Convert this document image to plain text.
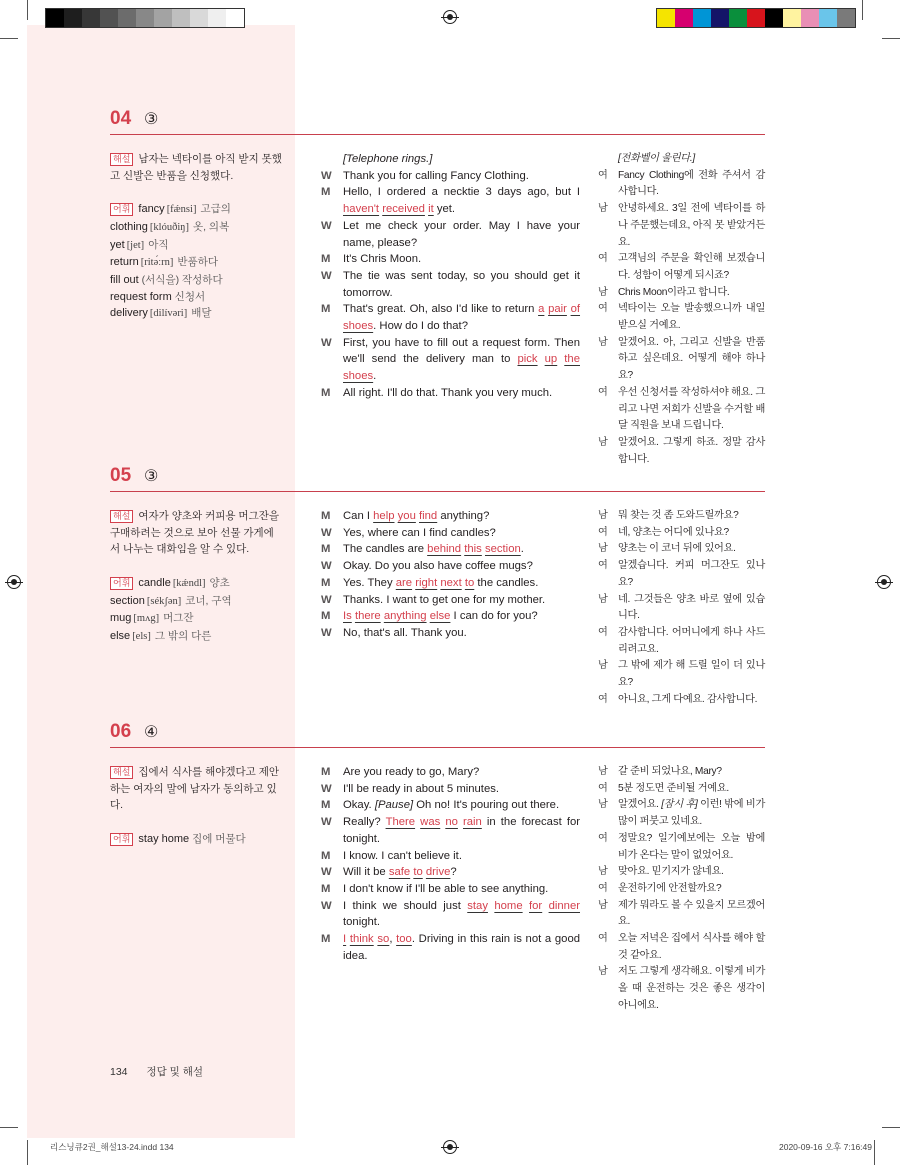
04 ③
해설 남자는 넥타이를 아직 받지 못했고 신발은 반품을 신청했다.
어휘 fancy [fǽnsi] 고급의
clothing [klóuðiŋ] 옷, 의복
yet [jet] 아직
return [ritə́ːrn] 반품하다
fill out (서식을) 작성하다
request form 신청서
delivery [dilívəri] 배달
[Telephone rings.]
W Thank you for calling Fancy Clothing.
M Hello, I ordered a necktie 3 days ago, but I haven't received it yet.
W Let me check your order. May I have your name, please?
M It's Chris Moon.
W The tie was sent today, so you should get it tomorrow.
M That's great. Oh, also I'd like to return a pair of shoes. How do I do that?
W First, you have to fill out a request form. Then we'll send the delivery man to pick up the shoes.
M All right. I'll do that. Thank you very much.
[전화벨이 울린다.]
여 Fancy Clothing에 전화 주셔서 감사합니다.
남 안녕하세요. 3일 전에 넥타이를 하나 주문했는데요, 아직 못 받았거든요.
여 고객님의 주문을 확인해 보겠습니다. 성함이 어떻게 되시죠?
남 Chris Moon이라고 합니다.
여 넥타이는 오늘 발송했으니까 내일 받으실 거예요.
남 알겠어요. 아, 그리고 신발을 반품하고 싶은데요. 어떻게 해야 하나요?
여 우선 신청서를 작성하셔야 해요. 그리고 나면 저희가 신발을 수거할 배달 직원을 보내 드립니다.
남 알겠어요. 그렇게 하죠. 정말 감사합니다.
05 ③
해설 여자가 양초와 커피용 머그잔을 구매하려는 것으로 보아 선물 가게에서 나누는 대화임을 알 수 있다.
어휘 candle [kǽndl] 양초
section [sékʃən] 코너, 구역
mug [mʌg] 머그잔
else [els] 그 밖의 다른
M Can I help you find anything?
W Yes, where can I find candles?
M The candles are behind this section.
W Okay. Do you also have coffee mugs?
M Yes. They are right next to the candles.
W Thanks. I want to get one for my mother.
M Is there anything else I can do for you?
W No, that's all. Thank you.
남 뭐 찾는 것 좀 도와드릴까요?
여 네, 양초는 어디에 있나요?
남 양초는 이 코너 뒤에 있어요.
여 알겠습니다. 커피 머그잔도 있나요?
남 네. 그것들은 양초 바로 옆에 있습니다.
여 감사합니다. 어머니에게 하나 사드리려고요.
남 그 밖에 제가 해 드릴 일이 더 있나요?
여 아니요, 그게 다예요. 감사합니다.
06 ④
해설 집에서 식사를 해야겠다고 제안하는 여자의 말에 남자가 동의하고 있다.
어휘 stay home 집에 머물다
M Are you ready to go, Mary?
W I'll be ready in about 5 minutes.
M Okay. [Pause] Oh no! It's pouring out there.
W Really? There was no rain in the forecast for tonight.
M I know. I can't believe it.
W Will it be safe to drive?
M I don't know if I'll be able to see anything.
W I think we should just stay home for dinner tonight.
M I think so, too. Driving in this rain is not a good idea.
남 갈 준비 되었나요, Mary?
여 5분 정도면 준비될 거예요.
남 알겠어요. [잠시 후] 이런! 밖에 비가 많이 퍼붓고 있네요.
여 정말요? 일기예보에는 오늘 밤에 비가 온다는 말이 없었어요.
남 맞아요. 믿기지가 않네요.
여 운전하기에 안전할까요?
남 제가 뭐라도 볼 수 있을지 모르겠어요.
여 오늘 저녁은 집에서 식사를 해야 할 것 같아요.
남 저도 그렇게 생각해요. 이렇게 비가 올 때 운전하는 것은 좋은 생각이 아니에요.
134 정답 및 해설
리스닝큐2권_해설13-24.indd 134	2020-09-16 오후 7:16:49
